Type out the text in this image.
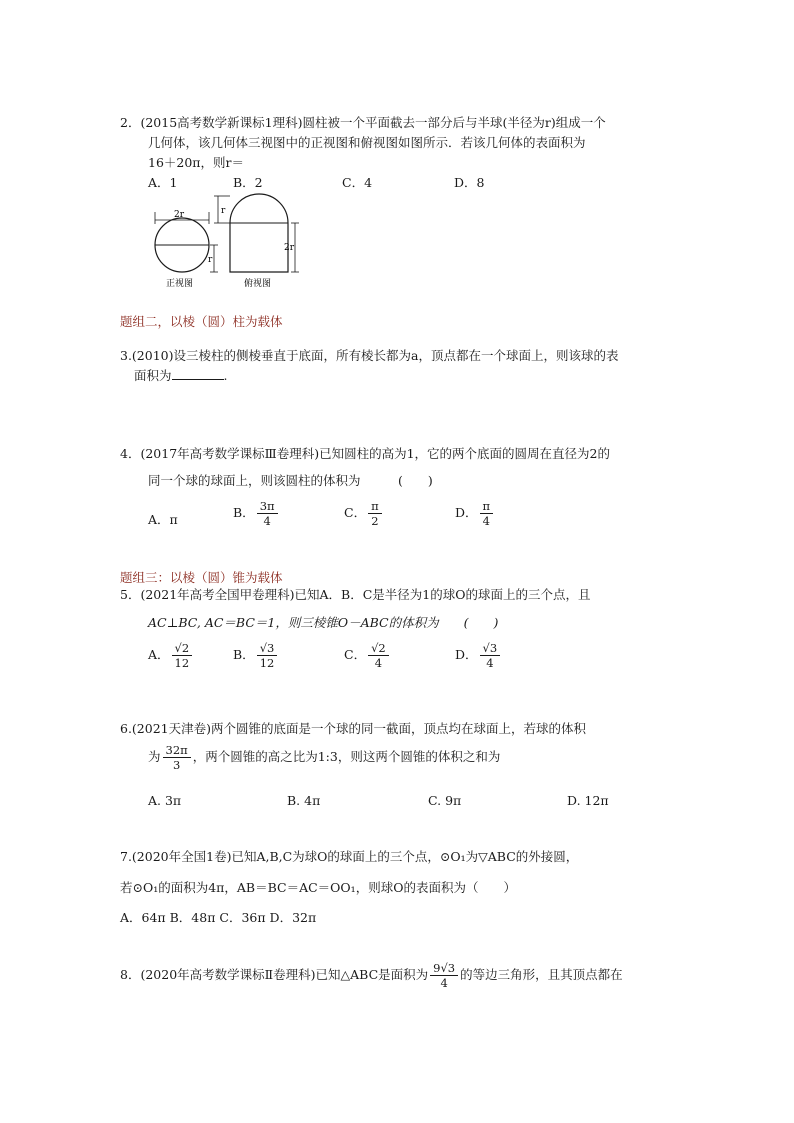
2．(2015高考数学新课标1理科)圆柱被一个平面截去一部分后与半球(半径为r)组成一个
几何体，该几何体三视图中的正视图和俯视图如图所示．若该几何体的表面积为
16＋20π，则r＝
A．1	B．2	C．4	D．8
2r
r
r
2r
正视图	俯视图
题组二，以棱（圆）柱为载体
3.(2010)设三棱柱的侧棱垂直于底面，所有棱长都为a，顶点都在一个球面上，则该球的表
面积为	.
4．(2017年高考数学课标Ⅲ卷理科)已知圆柱的高为1，它的两个底面的圆周在直径为2的
同一个球的球面上，则该圆柱的体积为　　　(　　)
A．π	B． $\frac{3\pi}{4}$	C． $\frac{\pi}{2}$	D． $\frac{\pi}{4}$
题组三：以棱（圆）锥为载体
5．(2021年高考全国甲卷理科)已知A．B．C是半径为1的球O的球面上的三个点，且
AC⊥BC, AC＝BC＝1，则三棱锥O－ABC的体积为　　(　　)
A． $\frac{√2}{12}$	B． $\frac{√3}{12}$	C． $\frac{√2}{4}$	D． $\frac{√3}{4}$
6.(2021天津卷)两个圆锥的底面是一个球的同一截面，顶点均在球面上，若球的体积
为 $\frac{32\pi}{3}$ ，两个圆锥的高之比为1:3，则这两个圆锥的体积之和为
A. 3π	B. 4π	C. 9π	D. 12π
7.(2020年全国1卷)已知A,B,C为球O的球面上的三个点，⊙O₁为▽ABC的外接圆，
若⊙O₁的面积为4π，AB＝BC＝AC＝OO₁，则球O的表面积为（　　）
A．64π B．48π C．36π D．32π
8．(2020年高考数学课标Ⅱ卷理科)已知△ABC是面积为 $\frac{9√3}{4}$ 的等边三角形，且其顶点都在
